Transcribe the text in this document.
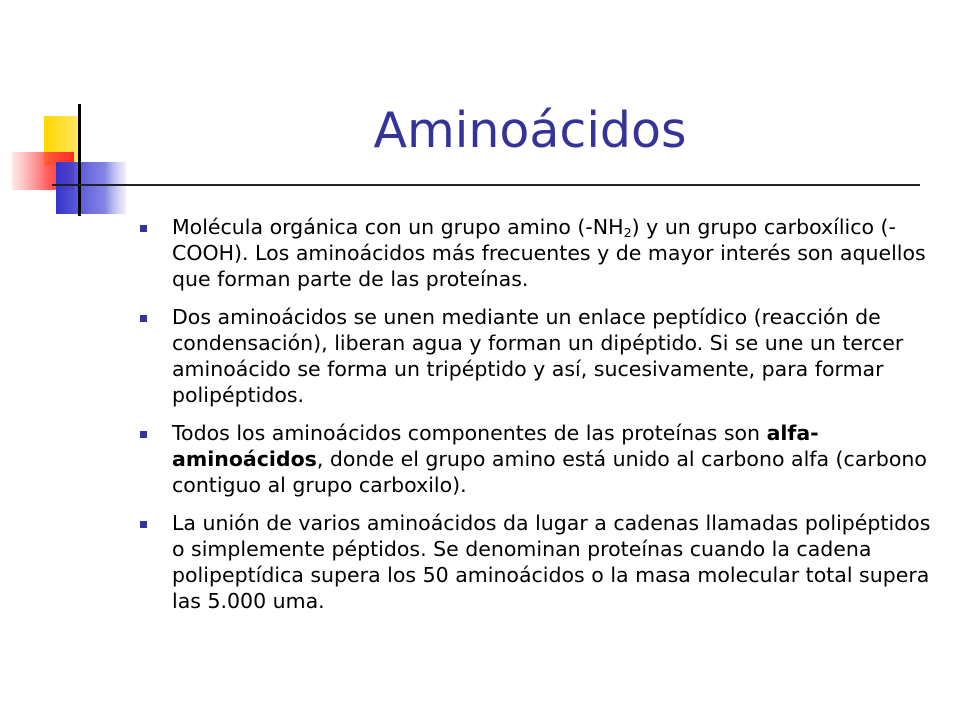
Aminoácidos
Molécula orgánica con un grupo amino $(-NH_2)$ y un grupo carboxílico (-COOH). Los aminoácidos más frecuentes y de mayor interés son aquellos que forman parte de las proteínas.
Dos aminoácidos se unen mediante un enlace peptídico (reacción de condensación), liberan agua y forman un dipéptido. Si se une un tercer aminoácido se forma un tripéptido y así, sucesivamente, para formar polipéptidos.
Todos los aminoácidos componentes de las proteínas son alfa-aminoácidos, donde el grupo amino está unido al carbono alfa (carbono contiguo al grupo carboxilo).
La unión de varios aminoácidos da lugar a cadenas llamadas polipéptidos o simplemente péptidos. Se denominan proteínas cuando la cadena polipeptídica supera los 50 aminoácidos o la masa molecular total supera las 5.000 uma.
